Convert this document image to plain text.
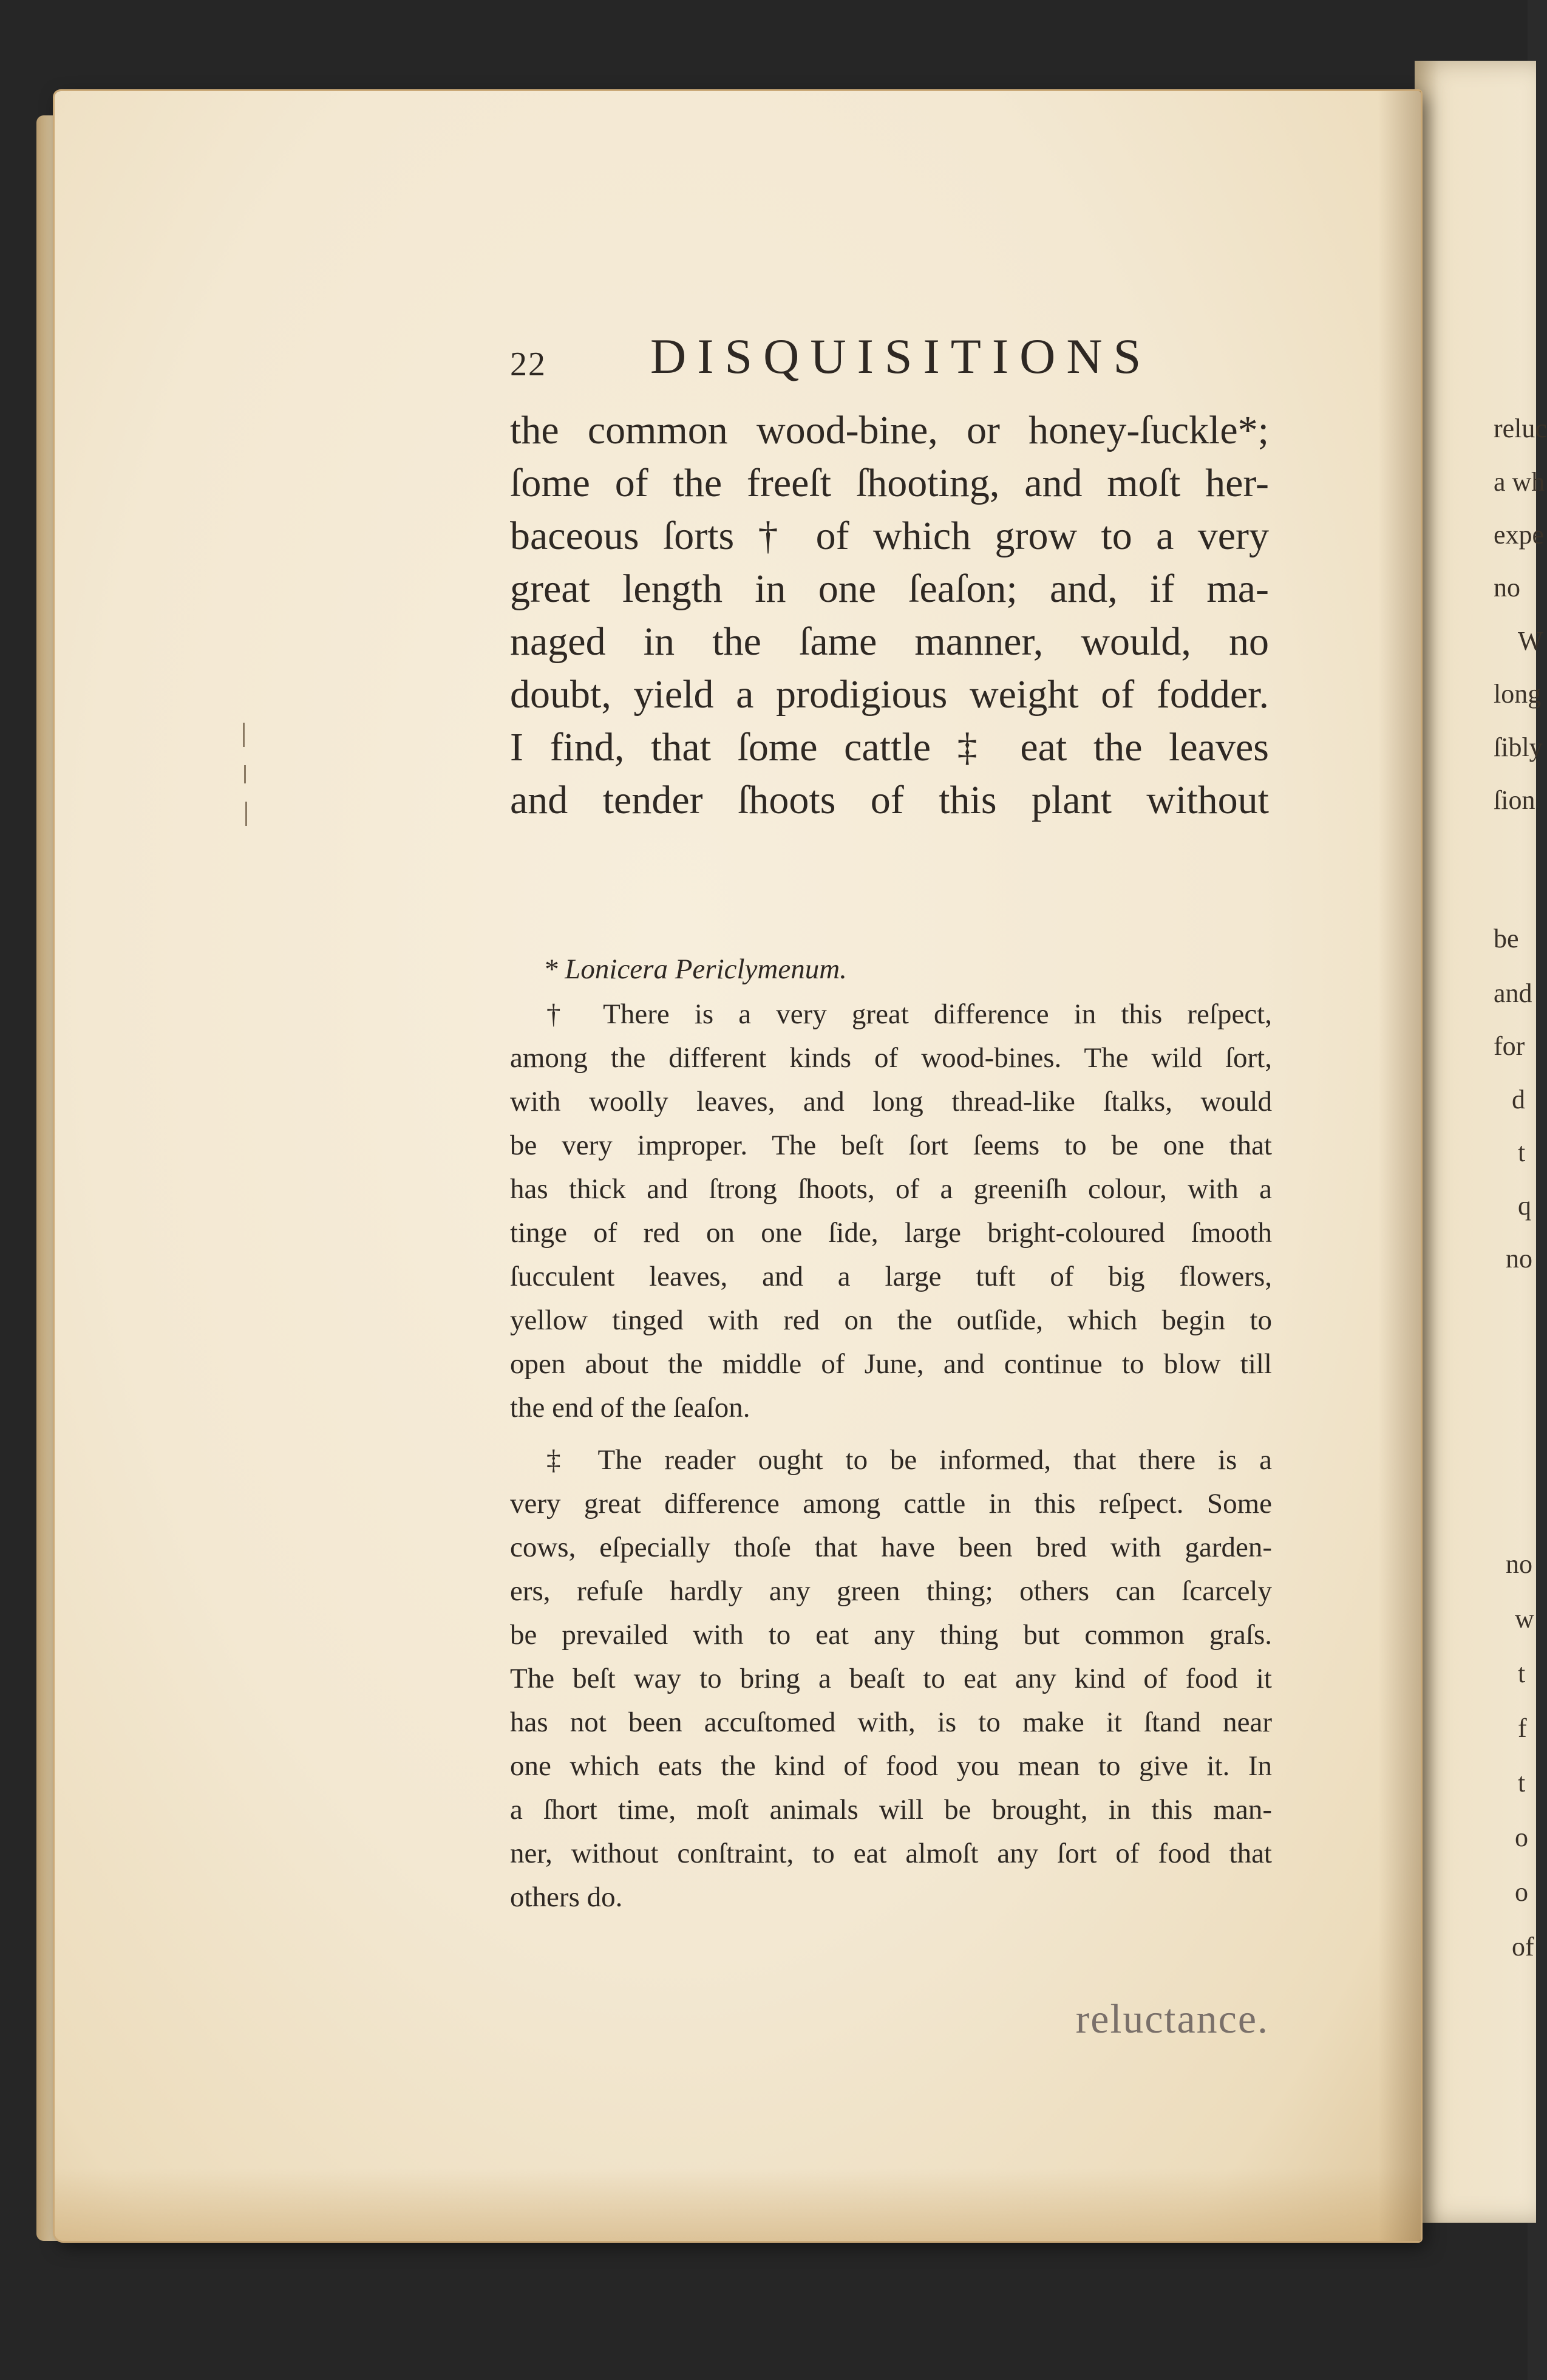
reluc
a wh
expe
no
W
long
ſibly
ſion
be
and
for
d
t
q
no
no
w
t
f
t
o
o
of
22 DISQUISITIONS
the common wood-bine, or honey-ſuckle*;
ſome of the freeſt ſhooting, and moſt her-
baceous ſorts † of which grow to a very
great length in one ſeaſon; and, if ma-
naged in the ſame manner, would, no
doubt, yield a prodigious weight of fodder.
I find, that ſome cattle ‡ eat the leaves
and tender ſhoots of this plant without
* Lonicera Periclymenum.
† There is a very great difference in this reſpect,
among the different kinds of wood-bines. The wild ſort,
with woolly leaves, and long thread-like ſtalks, would
be very improper. The beſt ſort ſeems to be one that
has thick and ſtrong ſhoots, of a greeniſh colour, with a
tinge of red on one ſide, large bright-coloured ſmooth
ſucculent leaves, and a large tuft of big flowers,
yellow tinged with red on the outſide, which begin to
open about the middle of June, and continue to blow till
the end of the ſeaſon.
‡ The reader ought to be informed, that there is a
very great difference among cattle in this reſpect. Some
cows, eſpecially thoſe that have been bred with garden-
ers, refuſe hardly any green thing; others can ſcarcely
be prevailed with to eat any thing but common graſs.
The beſt way to bring a beaſt to eat any kind of food it
has not been accuſtomed with, is to make it ſtand near
one which eats the kind of food you mean to give it. In
a ſhort time, moſt animals will be brought, in this man-
ner, without conſtraint, to eat almoſt any ſort of food that
others do.
reluctance.
